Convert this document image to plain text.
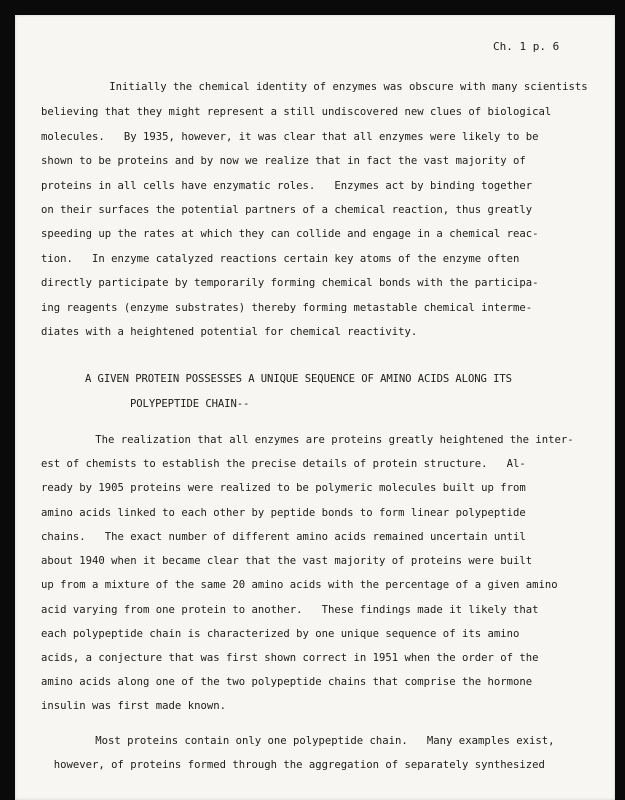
Ch. 1 p. 6
Initially the chemical identity of enzymes was obscure with many scientists
believing that they might represent a still undiscovered new clues of biological
molecules.   By 1935, however, it was clear that all enzymes were likely to be
shown to be proteins and by now we realize that in fact the vast majority of
proteins in all cells have enzymatic roles.   Enzymes act by binding together
on their surfaces the potential partners of a chemical reaction, thus greatly
speeding up the rates at which they can collide and engage in a chemical reac-
tion.   In enzyme catalyzed reactions certain key atoms of the enzyme often
directly participate by temporarily forming chemical bonds with the participa-
ing reagents (enzyme substrates) thereby forming metastable chemical interme-
diates with a heightened potential for chemical reactivity.
A GIVEN PROTEIN POSSESSES A UNIQUE SEQUENCE OF AMINO ACIDS ALONG ITS
POLYPEPTIDE CHAIN--
The realization that all enzymes are proteins greatly heightened the inter-
est of chemists to establish the precise details of protein structure.   Al-
ready by 1905 proteins were realized to be polymeric molecules built up from
amino acids linked to each other by peptide bonds to form linear polypeptide
chains.   The exact number of different amino acids remained uncertain until
about 1940 when it became clear that the vast majority of proteins were built
up from a mixture of the same 20 amino acids with the percentage of a given amino
acid varying from one protein to another.   These findings made it likely that
each polypeptide chain is characterized by one unique sequence of its amino
acids, a conjecture that was first shown correct in 1951 when the order of the
amino acids along one of the two polypeptide chains that comprise the hormone
insulin was first made known.
Most proteins contain only one polypeptide chain.   Many examples exist,
however, of proteins formed through the aggregation of separately synthesized
